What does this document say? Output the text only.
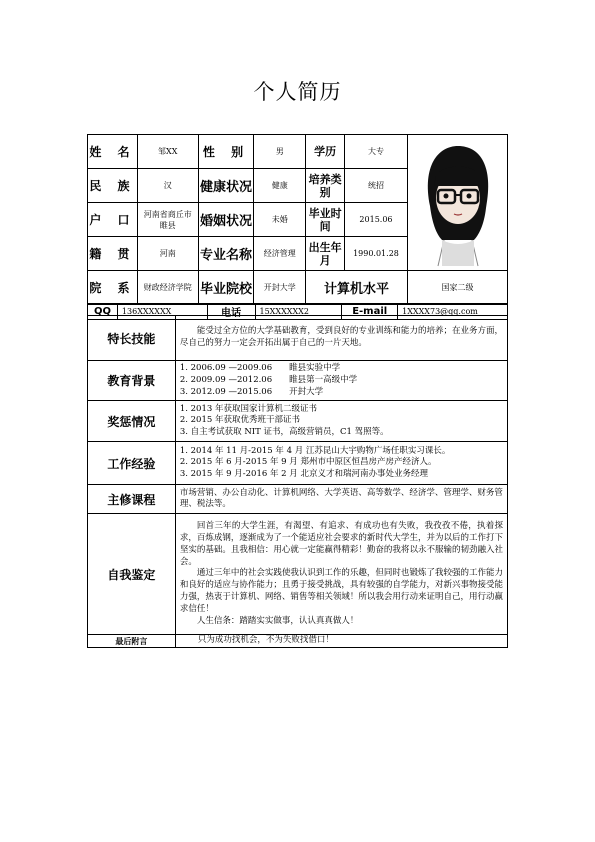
个人简历
姓 名	邹XX	性 别	男	学历	大专	
民 族	汉	健康状况	健康	培养类别	统招	
户 口	河南省商丘市睢县	婚姻状况	未婚	毕业时间	2015.06	
籍 贯	河南	专业名称	经济管理	出生年月	1990.01.28	
院 系	财政经济学院	毕业院校	开封大学	计算机水平		国家二级
QQ	136XXXXXX	电话	15XXXXXX2	E-mail	1XXXX73@qq.com
特长技能	能受过全方位的大学基础教育，受到良好的专业训练和能力的培养；在业务方面，尽自己的努力一定会开拓出属于自己的一片天地。

教育背景	1. 2006.09 —2009.06   睢县实验中学
2. 2009.09 —2012.06   睢县第一高级中学
3. 2012.09 —2015.06   开封大学

奖惩情况	1. 2013 年获取国家计算机二级证书
2. 2015 年获取优秀班干部证书
3. 自主考试获取 NIT 证书，高级营销员，C1 驾照等。

工作经验	1. 2014 年 11 月-2015 年 4 月 江苏昆山大宇购物广场任职实习课长。
2. 2015 年 6 月-2015 年 9 月 郑州市中原区恒昌房产房产经济人。
3. 2015 年 9 月-2016 年 2 月 北京义才和瑞河南办事处业务经理

主修课程	市场营销、办公自动化、计算机网络、大学英语、高等数学、经济学、管理学、财务管理、税法等。
自我鉴定	回首三年的大学生涯，有渴望、有追求、有成功也有失败，我孜孜不倦，执着探求，百炼成钢，逐渐成为了一个能适应社会要求的新时代大学生，并为以后的工作打下坚实的基础。且我相信：用心就一定能赢得精彩！勤奋的我将以永不服输的韧劲融入社会。
通过三年中的社会实践使我认识到工作的乐趣，但同时也锻炼了我较强的工作能力和良好的适应与协作能力；且勇于接受挑战，具有较强的自学能力，对新兴事物接受能力强，热衷于计算机、网络、销售等相关领域！所以我会用行动来证明自己，用行动赢求信任！
人生信条：踏踏实实做事，认认真真做人！

最后附言	只为成功找机会，不为失败找借口！
